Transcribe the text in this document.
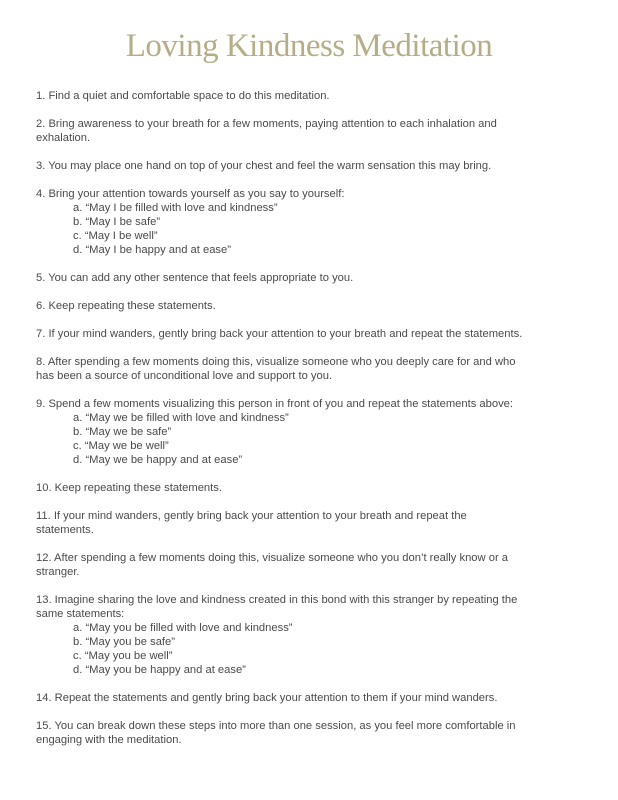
Loving Kindness Meditation
1. Find a quiet and comfortable space to do this meditation.
2. Bring awareness to your breath for a few moments, paying attention to each inhalation and exhalation.
3. You may place one hand on top of your chest and feel the warm sensation this may bring.
4. Bring your attention towards yourself as you say to yourself:
a. “May I be filled with love and kindness”
b. “May I be safe”
c. “May I be well”
d. “May I be happy and at ease”
5. You can add any other sentence that feels appropriate to you.
6. Keep repeating these statements.
7. If your mind wanders, gently bring back your attention to your breath and repeat the statements.
8. After spending a few moments doing this, visualize someone who you deeply care for and who has been a source of unconditional love and support to you.
9. Spend a few moments visualizing this person in front of you and repeat the statements above:
a. “May we be filled with love and kindness”
b. “May we be safe”
c. “May we be well”
d. “May we be happy and at ease”
10. Keep repeating these statements.
11. If your mind wanders, gently bring back your attention to your breath and repeat the statements.
12. After spending a few moments doing this, visualize someone who you don’t really know or a stranger.
13. Imagine sharing the love and kindness created in this bond with this stranger by repeating the same statements:
a. “May you be filled with love and kindness”
b. “May you be safe”
c. “May you be well”
d. “May you be happy and at ease”
14. Repeat the statements and gently bring back your attention to them if your mind wanders.
15. You can break down these steps into more than one session, as you feel more comfortable in engaging with the meditation.
